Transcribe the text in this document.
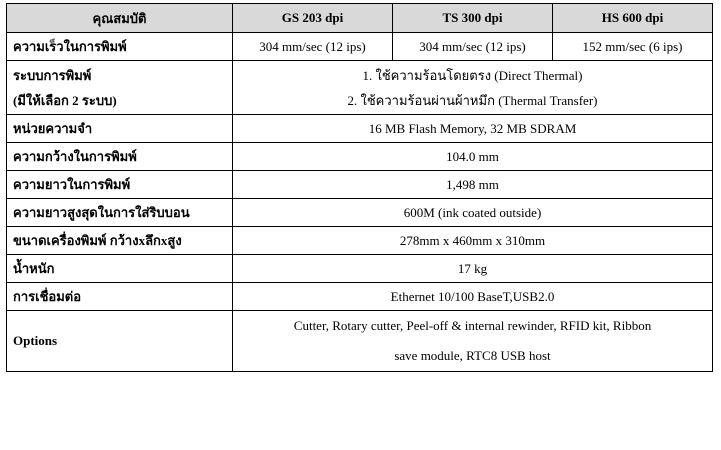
คุณสมบัติ	GS 203 dpi	TS 300 dpi	HS 600 dpi
ความเร็วในการพิมพ์	304 mm/sec (12 ips)	304 mm/sec (12 ips)	152 mm/sec (6 ips)

ระบบการพิมพ์
(มีให้เลือก 2 ระบบ)	1. ใช้ความร้อนโดยตรง (Direct Thermal)
2. ใช้ความร้อนผ่านผ้าหมึก (Thermal Transfer)		

หน่วยความจำ	16 MB Flash Memory, 32 MB SDRAM		
ความกว้างในการพิมพ์	104.0 mm		
ความยาวในการพิมพ์	1,498 mm		
ความยาวสูงสุดในการใส่ริบบอน	600M (ink coated outside)		
ขนาดเครื่องพิมพ์ กว้างxลึกxสูง	278mm x 460mm x 310mm		
น้ำหนัก	17 kg		
การเชื่อมต่อ	Ethernet 10/100 BaseT,USB2.0		
Options	Cutter, Rotary cutter, Peel-off & internal rewinder, RFID kit, Ribbon
save module, RTC8 USB host		
